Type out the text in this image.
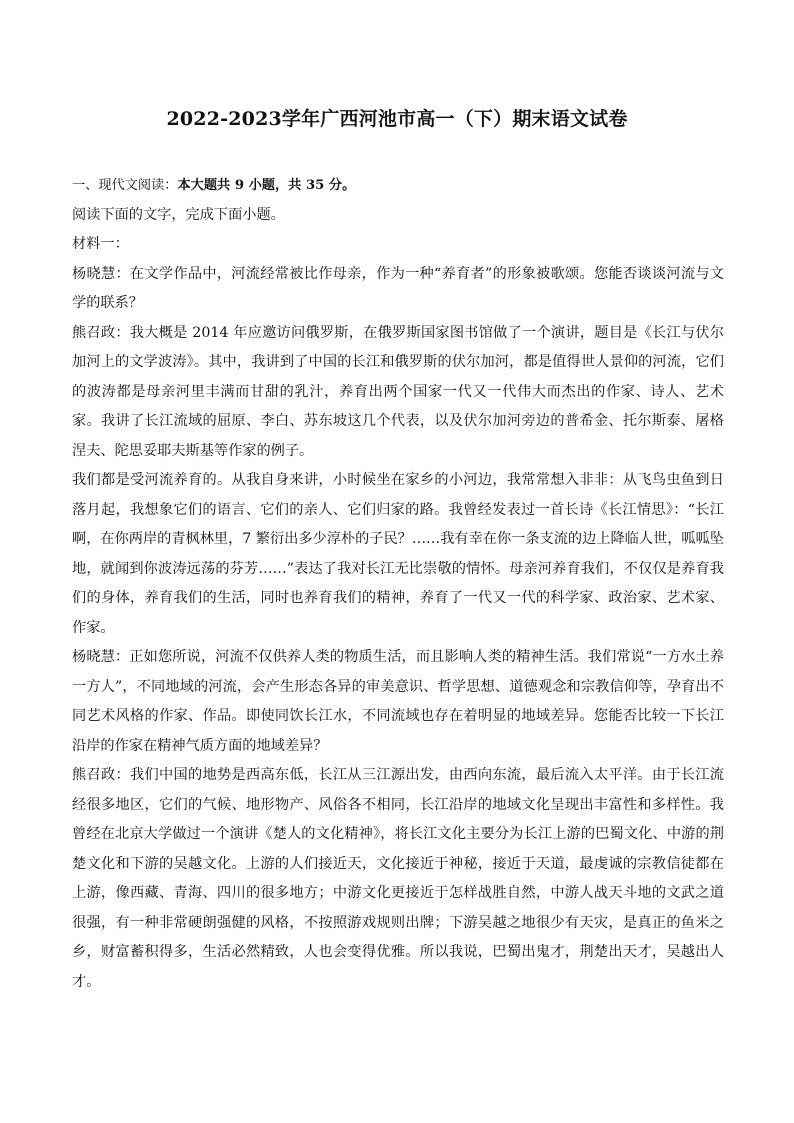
2022-2023学年广西河池市高一（下）期末语文试卷

一、现代文阅读：本大题共 9 小题，共 35 分。

阅读下面的文字，完成下面小题。

材料一：

杨晓慧：在文学作品中，河流经常被比作母亲，作为一种“养育者”的形象被歌颂。您能否谈谈河流与文学的联系？

熊召政：我大概是 2014 年应邀访问俄罗斯，在俄罗斯国家图书馆做了一个演讲，题目是《长江与伏尔加河上的文学波涛》。其中，我讲到了中国的长江和俄罗斯的伏尔加河，都是值得世人景仰的河流，它们的波涛都是母亲河里丰满而甘甜的乳汁，养育出两个国家一代又一代伟大而杰出的作家、诗人、艺术家。我讲了长江流域的屈原、李白、苏东坡这几个代表，以及伏尔加河旁边的普希金、托尔斯泰、屠格涅夫、陀思妥耶夫斯基等作家的例子。

我们都是受河流养育的。从我自身来讲，小时候坐在家乡的小河边，我常常想入非非：从飞鸟虫鱼到日落月起，我想象它们的语言、它们的亲人、它们归家的路。我曾经发表过一首长诗《长江情思》：“长江啊，在你两岸的青枫林里，7 繁衍出多少淳朴的子民？……我有幸在你一条支流的边上降临人世，呱呱坠地，就闻到你波涛远荡的芬芳……”表达了我对长江无比崇敬的情怀。母亲河养育我们，不仅仅是养育我们的身体，养育我们的生活，同时也养育我们的精神，养育了一代又一代的科学家、政治家、艺术家、作家。

杨晓慧：正如您所说，河流不仅供养人类的物质生活，而且影响人类的精神生活。我们常说“一方水土养一方人”，不同地域的河流，会产生形态各异的审美意识、哲学思想、道德观念和宗教信仰等，孕育出不同艺术风格的作家、作品。即使同饮长江水，不同流域也存在着明显的地域差异。您能否比较一下长江沿岸的作家在精神气质方面的地域差异？

熊召政：我们中国的地势是西高东低，长江从三江源出发，由西向东流，最后流入太平洋。由于长江流经很多地区，它们的气候、地形物产、风俗各不相同，长江沿岸的地域文化呈现出丰富性和多样性。我曾经在北京大学做过一个演讲《楚人的文化精神》，将长江文化主要分为长江上游的巴蜀文化、中游的荆楚文化和下游的吴越文化。上游的人们接近天，文化接近于神秘，接近于天道，最虔诚的宗教信徒都在上游，像西藏、青海、四川的很多地方；中游文化更接近于怎样战胜自然，中游人战天斗地的文武之道很强，有一种非常硬朗强健的风格，不按照游戏规则出牌；下游吴越之地很少有天灾，是真正的鱼米之乡，财富蓄积得多，生活必然精致，人也会变得优雅。所以我说，巴蜀出鬼才，荆楚出天才，吴越出人才。
